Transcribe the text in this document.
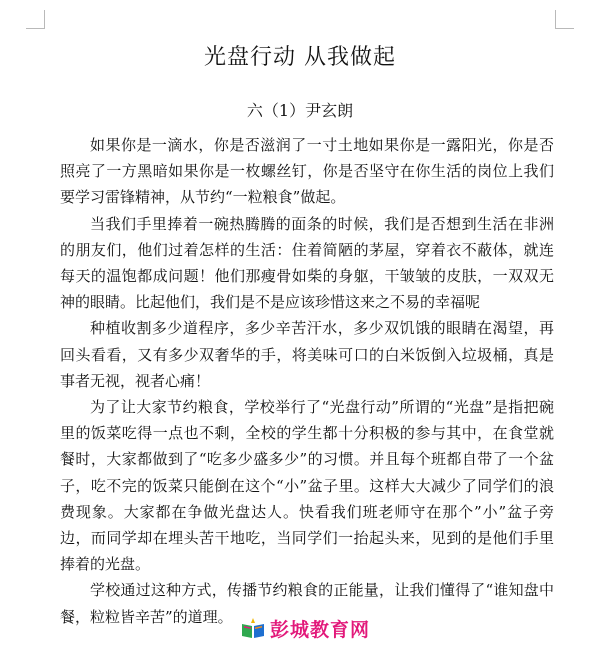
光盘行动 从我做起
六（1）尹玄朗

如果你是一滴水，你是否滋润了一寸土地如果你是一露阳光，你是否照亮了一方黑暗如果你是一枚螺丝钉，你是否坚守在你生活的岗位上我们要学习雷锋精神，从节约“一粒粮食”做起。

当我们手里捧着一碗热腾腾的面条的时候，我们是否想到生活在非洲的朋友们，他们过着怎样的生活：住着简陋的茅屋，穿着衣不蔽体，就连每天的温饱都成问题！他们那瘦骨如柴的身躯，干皱皱的皮肤，一双双无神的眼睛。比起他们，我们是不是应该珍惜这来之不易的幸福呢

种植收割多少道程序，多少辛苦汗水，多少双饥饿的眼睛在渴望，再回头看看，又有多少双奢华的手，将美味可口的白米饭倒入垃圾桶，真是事者无视，视者心痛！

为了让大家节约粮食，学校举行了“光盘行动”所谓的“光盘”是指把碗里的饭菜吃得一点也不剩，全校的学生都十分积极的参与其中，在食堂就餐时，大家都做到了“吃多少盛多少”的习惯。并且每个班都自带了一个盆子，吃不完的饭菜只能倒在这个“小”盆子里。这样大大减少了同学们的浪费现象。大家都在争做光盘达人。快看我们班老师守在那个”小”盆子旁边，而同学却在埋头苦干地吃，当同学们一抬起头来，见到的是他们手里捧着的光盘。

学校通过这种方式，传播节约粮食的正能量，让我们懂得了“谁知盘中餐，粒粒皆辛苦”的道理。

彭城教育网
